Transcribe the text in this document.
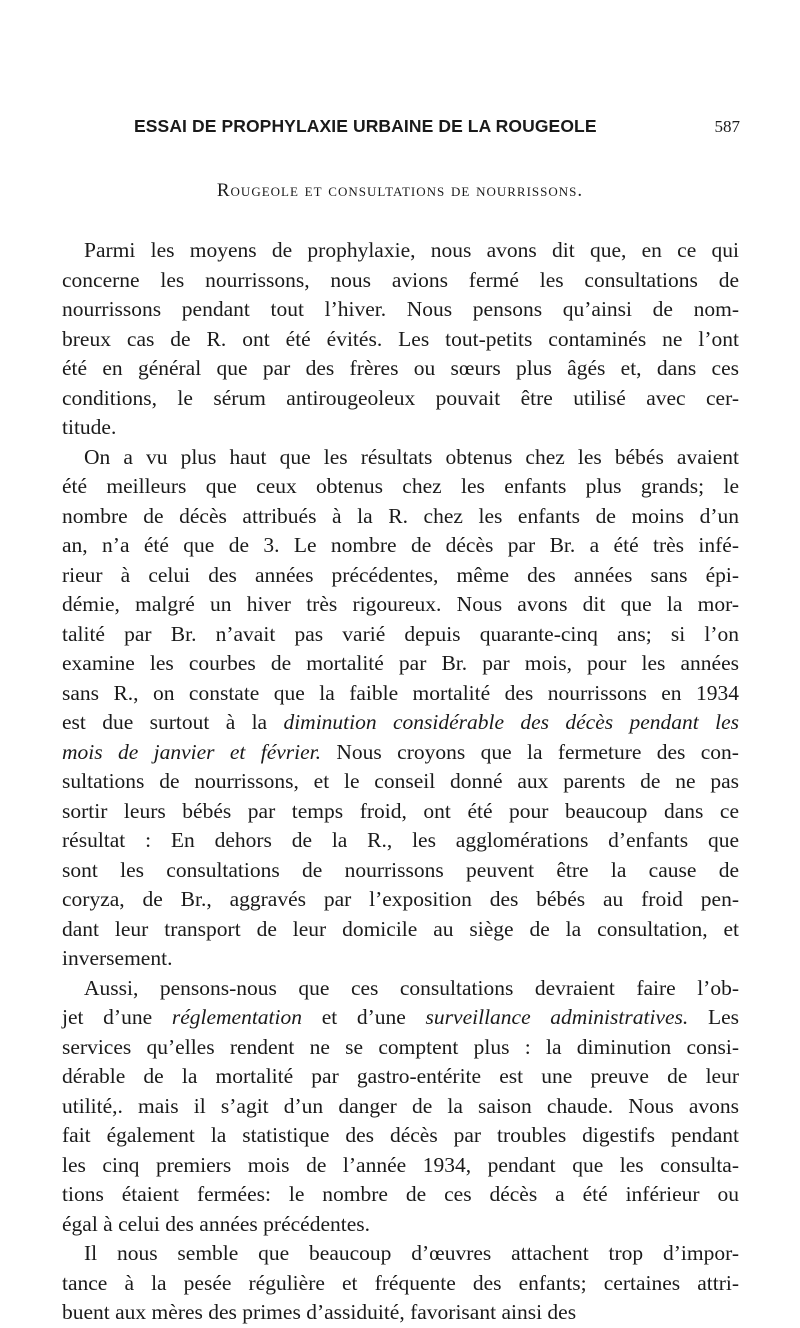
ESSAI DE PROPHYLAXIE URBAINE DE LA ROUGEOLE	587
Rougeole et consultations de nourrissons.
Parmi les moyens de prophylaxie, nous avons dit que, en ce qui
concerne les nourrissons, nous avions fermé les consultations de
nourrissons pendant tout l’hiver. Nous pensons qu’ainsi de nom-
breux cas de R. ont été évités. Les tout-petits contaminés ne l’ont
été en général que par des frères ou sœurs plus âgés et, dans ces
conditions, le sérum antirougeoleux pouvait être utilisé avec cer-
titude.
On a vu plus haut que les résultats obtenus chez les bébés avaient
été meilleurs que ceux obtenus chez les enfants plus grands; le
nombre de décès attribués à la R. chez les enfants de moins d’un
an, n’a été que de 3. Le nombre de décès par Br. a été très infé-
rieur à celui des années précédentes, même des années sans épi-
démie, malgré un hiver très rigoureux. Nous avons dit que la mor-
talité par Br. n’avait pas varié depuis quarante-cinq ans; si l’on
examine les courbes de mortalité par Br. par mois, pour les années
sans R., on constate que la faible mortalité des nourrissons en 1934
est due surtout à la diminution considérable des décès pendant les
mois de janvier et février. Nous croyons que la fermeture des con-
sultations de nourrissons, et le conseil donné aux parents de ne pas
sortir leurs bébés par temps froid, ont été pour beaucoup dans ce
résultat : En dehors de la R., les agglomérations d’enfants que
sont les consultations de nourrissons peuvent être la cause de
coryza, de Br., aggravés par l’exposition des bébés au froid pen-
dant leur transport de leur domicile au siège de la consultation, et
inversement.
Aussi, pensons-nous que ces consultations devraient faire l’ob-
jet d’une réglementation et d’une surveillance administratives. Les
services qu’elles rendent ne se comptent plus : la diminution consi-
dérable de la mortalité par gastro-entérite est une preuve de leur
utilité,. mais il s’agit d’un danger de la saison chaude. Nous avons
fait également la statistique des décès par troubles digestifs pendant
les cinq premiers mois de l’année 1934, pendant que les consulta-
tions étaient fermées: le nombre de ces décès a été inférieur ou
égal à celui des années précédentes.
Il nous semble que beaucoup d’œuvres attachent trop d’impor-
tance à la pesée régulière et fréquente des enfants; certaines attri-
buent aux mères des primes d’assiduité, favorisant ainsi des
